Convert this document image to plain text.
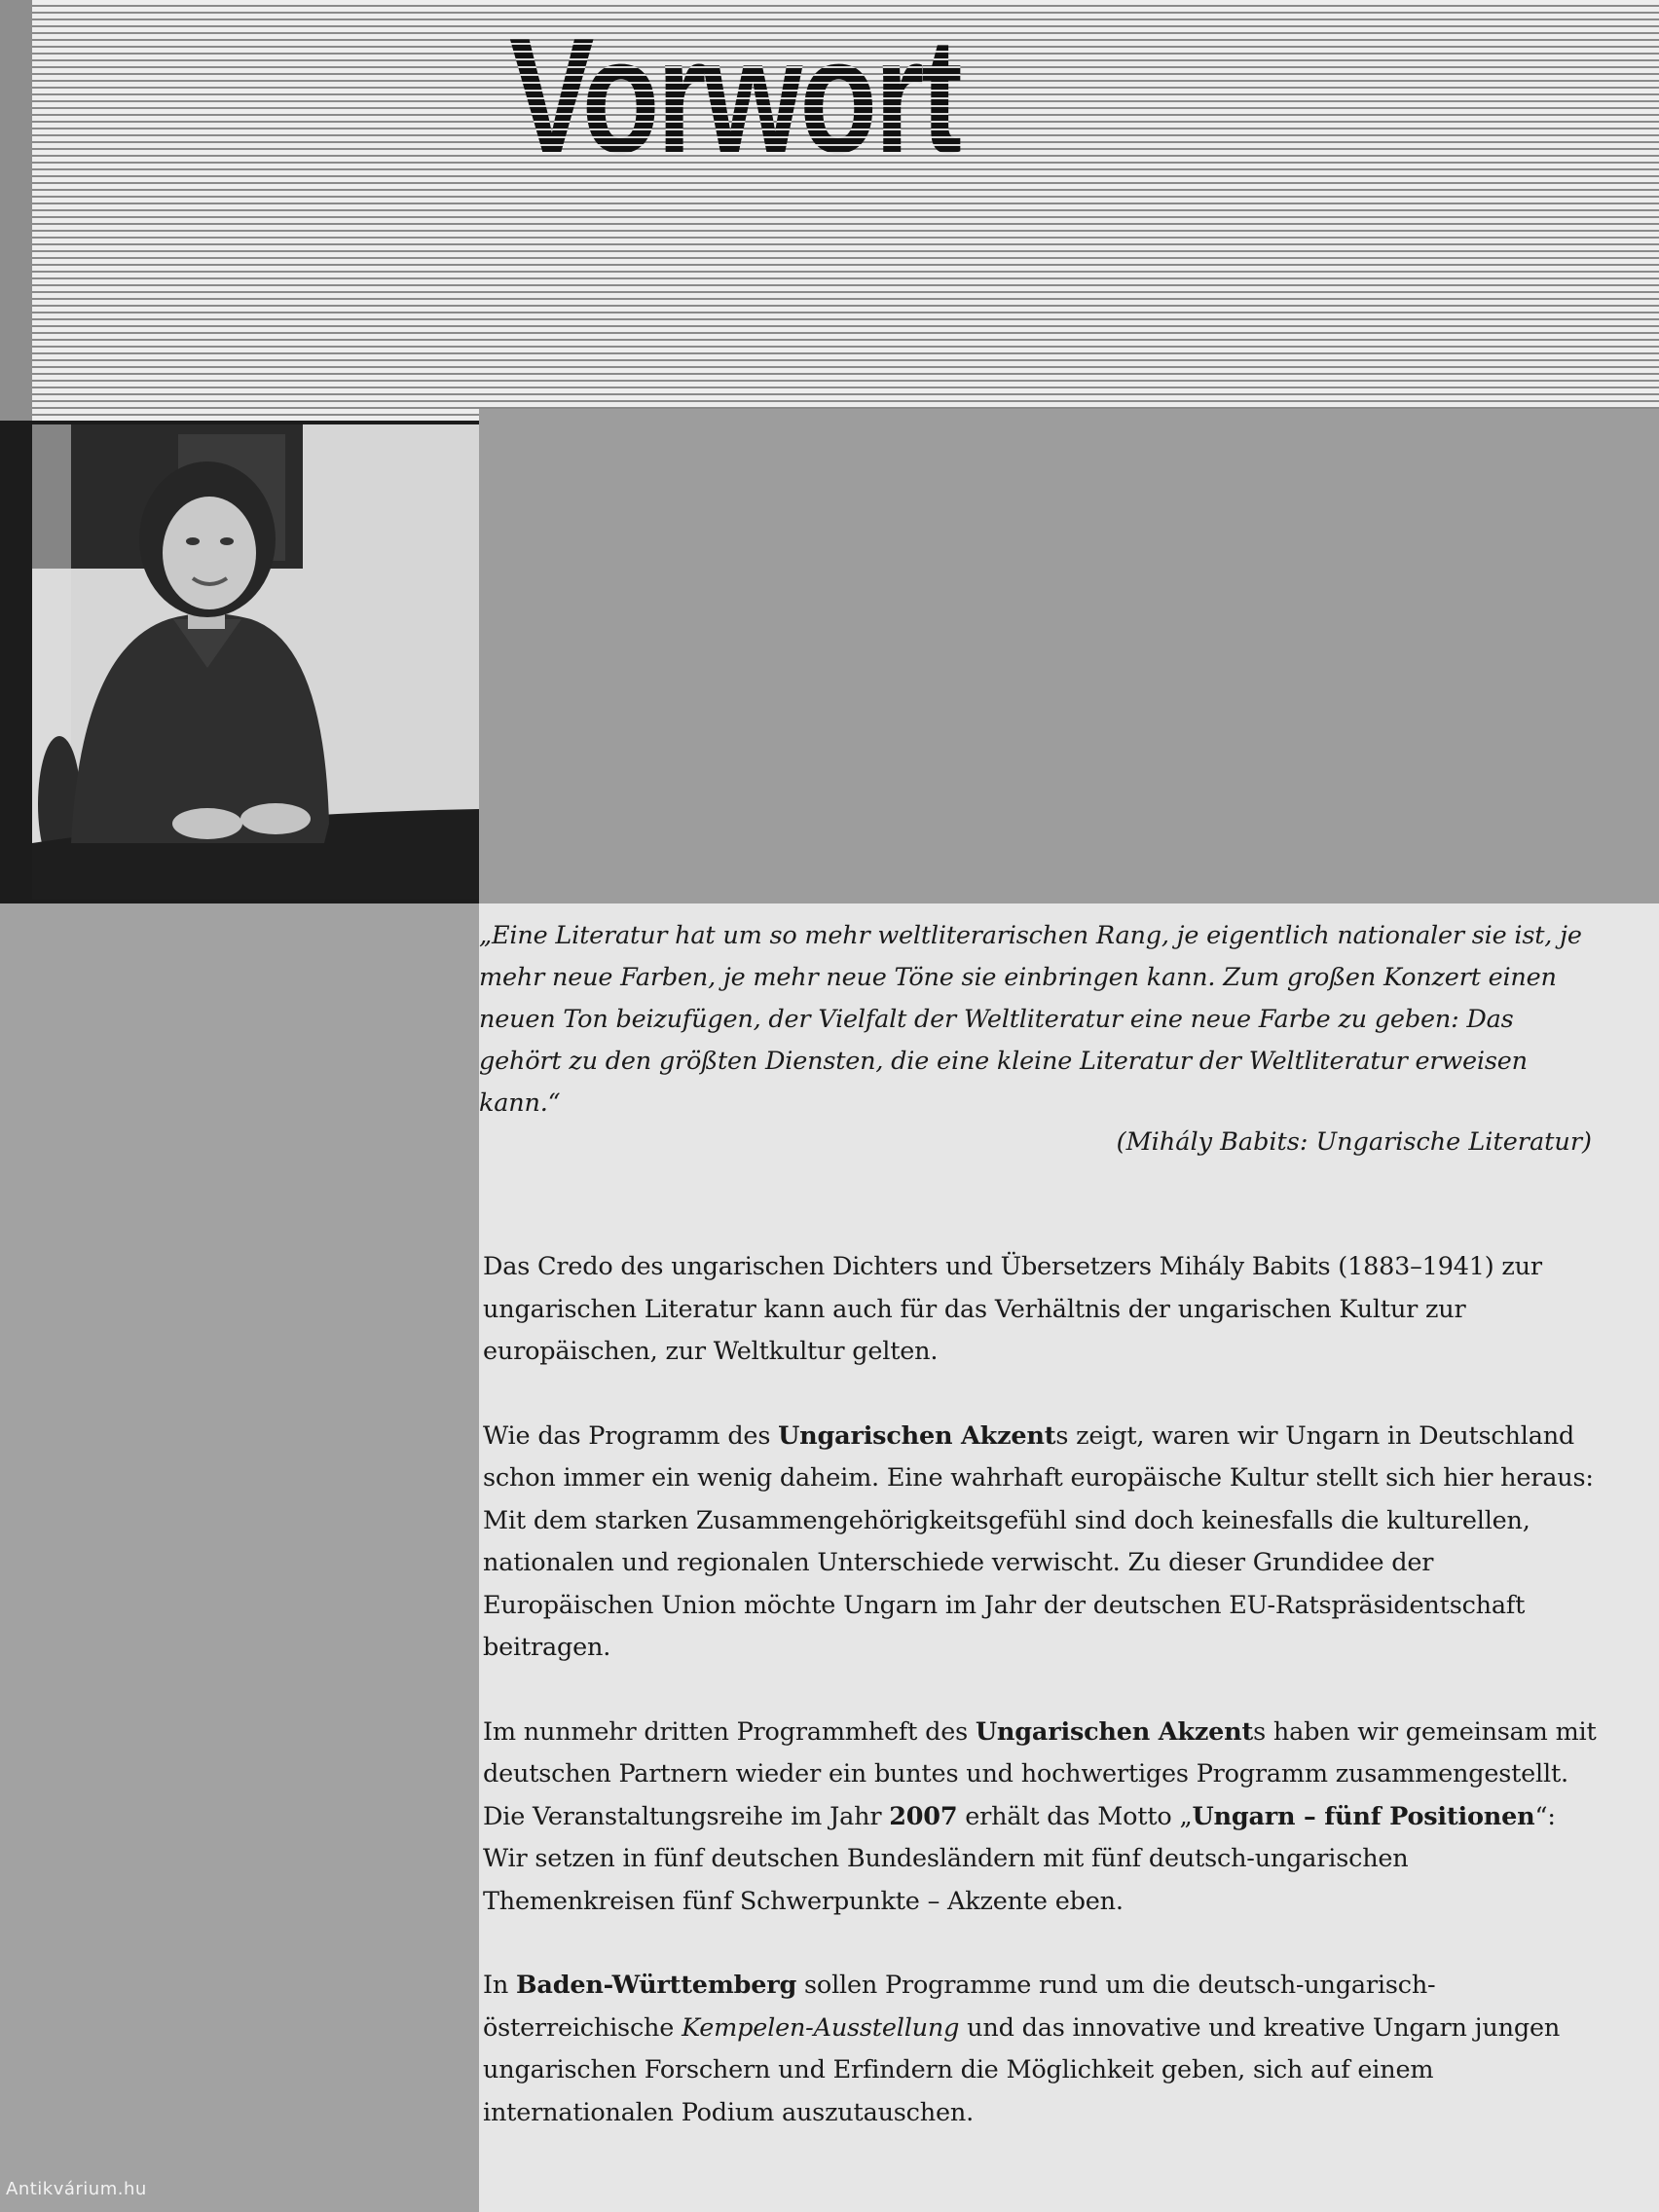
Vorwort

„Eine Literatur hat um so mehr weltliterarischen Rang, je eigentlich nationaler sie ist, je mehr neue Farben, je mehr neue Töne sie einbringen kann. Zum großen Konzert einen neuen Ton beizufügen, der Vielfalt der Weltliteratur eine neue Farbe zu geben: Das gehört zu den größten Diensten, die eine kleine Literatur der Weltliteratur erweisen kann.“

(Mihály Babits: Ungarische Literatur)

Das Credo des ungarischen Dichters und Übersetzers Mihály Babits (1883–1941) zur ungarischen Literatur kann auch für das Verhältnis der ungarischen Kultur zur europäischen, zur Weltkultur gelten.

Wie das Programm des Ungarischen Akzents zeigt, waren wir Ungarn in Deutschland schon immer ein wenig daheim. Eine wahrhaft europäische Kultur stellt sich hier heraus: Mit dem starken Zusammengehörigkeitsgefühl sind doch keinesfalls die kulturellen, nationalen und regionalen Unterschiede verwischt. Zu dieser Grundidee der Europäischen Union möchte Ungarn im Jahr der deutschen EU-Ratspräsidentschaft beitragen.

Im nunmehr dritten Programmheft des Ungarischen Akzents haben wir gemeinsam mit deutschen Partnern wieder ein buntes und hochwertiges Programm zusammengestellt. Die Veranstaltungsreihe im Jahr 2007 erhält das Motto „Ungarn – fünf Positionen“: Wir setzen in fünf deutschen Bundesländern mit fünf deutsch-ungarischen Themenkreisen fünf Schwerpunkte – Akzente eben.

In Baden-Württemberg sollen Programme rund um die deutsch-ungarisch-österreichische Kempelen-Ausstellung und das innovative und kreative Ungarn jungen ungarischen Forschern und Erfindern die Möglichkeit geben, sich auf einem internationalen Podium auszutauschen.

Antikvárium.hu
